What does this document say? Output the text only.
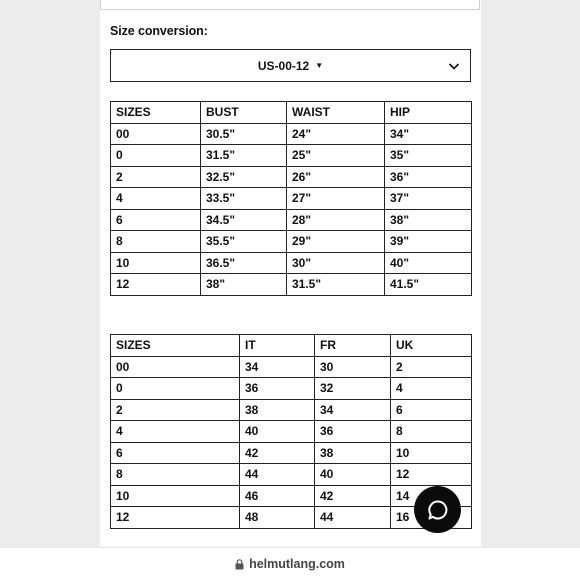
Size conversion:
US-00-12 ▼
SIZES	BUST	WAIST	HIP
00	30.5"	24"	34"
0	31.5"	25"	35"
2	32.5"	26"	36"
4	33.5"	27"	37"
6	34.5"	28"	38"
8	35.5"	29"	39"
10	36.5"	30"	40"
12	38"	31.5"	41.5"
SIZES	IT	FR	UK
00	34	30	2
0	36	32	4
2	38	34	6
4	40	36	8
6	42	38	10
8	44	40	12
10	46	42	14
12	48	44	16
helmutlang.com
